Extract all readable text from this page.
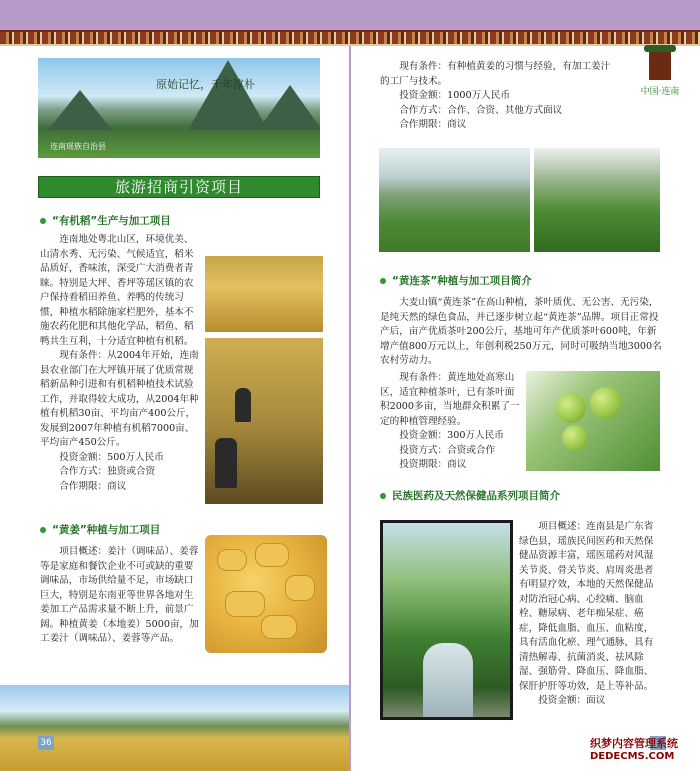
中国·连南
原始记忆，千年淳朴
连南瑶族自治县
旅游招商引资项目
“有机稻”生产与加工项目

连南地处粤北山区，环境优美、山清水秀、无污染、气候适宜，稻米品质好，香味浓，深受广大消费者青睐。特别是大坪、香坪等瑶区镇的农户保持着稻田养鱼、养鸭的传统习惯，种植水稻除施家栏肥外，基本不施农药化肥和其他化学品，稻鱼、稻鸭共生互利，十分适宜种植有机稻。

现有条件：从2004年开始，连南县农业部门在大坪镇开展了优质常规稻新品种引进和有机稻种植技术试验工作，并取得较大成功，从2004年种植有机稻30亩、平均亩产400公斤，发展到2007年种植有机稻7000亩、平均亩产450公斤。

投资金额：500万人民币
合作方式：独资或合资
合作期限：商议
“黄姜”种植与加工项目

项目概述：姜汁（调味品）、姜蓉等是家庭和餐饮企业不可或缺的重要调味品，市场供给量不足，市场缺口巨大，特别是东南亚等世界各地对生姜加工产品需求量不断上升，前景广阔。种植黄姜（本地姜）5000亩，加工姜汁（调味品）、姜蓉等产品。

36

现有条件：有种植黄姜的习惯与经验，有加工姜汁的工厂与技术。

投资金额：1000万人民币
合作方式：合作、合资、其他方式面议
合作期限：商议
“黄连茶”种植与加工项目简介

大麦山镇“黄连茶”在高山种植，茶叶质优、无公害、无污染，是纯天然的绿色食品，并已逐步树立起“黄连茶”品牌。项目正常投产后，亩产优质茶叶200公斤，基地可年产优质茶叶600吨，年新增产值800万元以上，年创利税250万元，同时可吸纳当地3000名农村劳动力。

现有条件：黄连地处高寒山区，适宜种植茶叶，已有茶叶面积2000多亩，当地群众积累了一定的种植管理经验。

投资金额：300万人民币
投资方式：合资或合作
投资期限：商议
民族医药及天然保健品系列项目简介

项目概述：连南县是广东省绿色县，瑶族民间医药和天然保健品资源丰富，瑶医瑶药对风湿关节炎、骨关节炎、肩周炎患者有明显疗效，本地的天然保健品对防治冠心病、心绞痛、脑血栓、糖尿病、老年痴呆症、癌症，降低血脂、血压、血粘度，具有活血化瘀、理气通脉，具有清热解毒、抗菌消炎、祛风除湿、强筋骨、降血压、降血脂、保肝护肝等功效，是上等补品。

投资金额：面议
织梦内容管理系统
DEDECMS.COM
